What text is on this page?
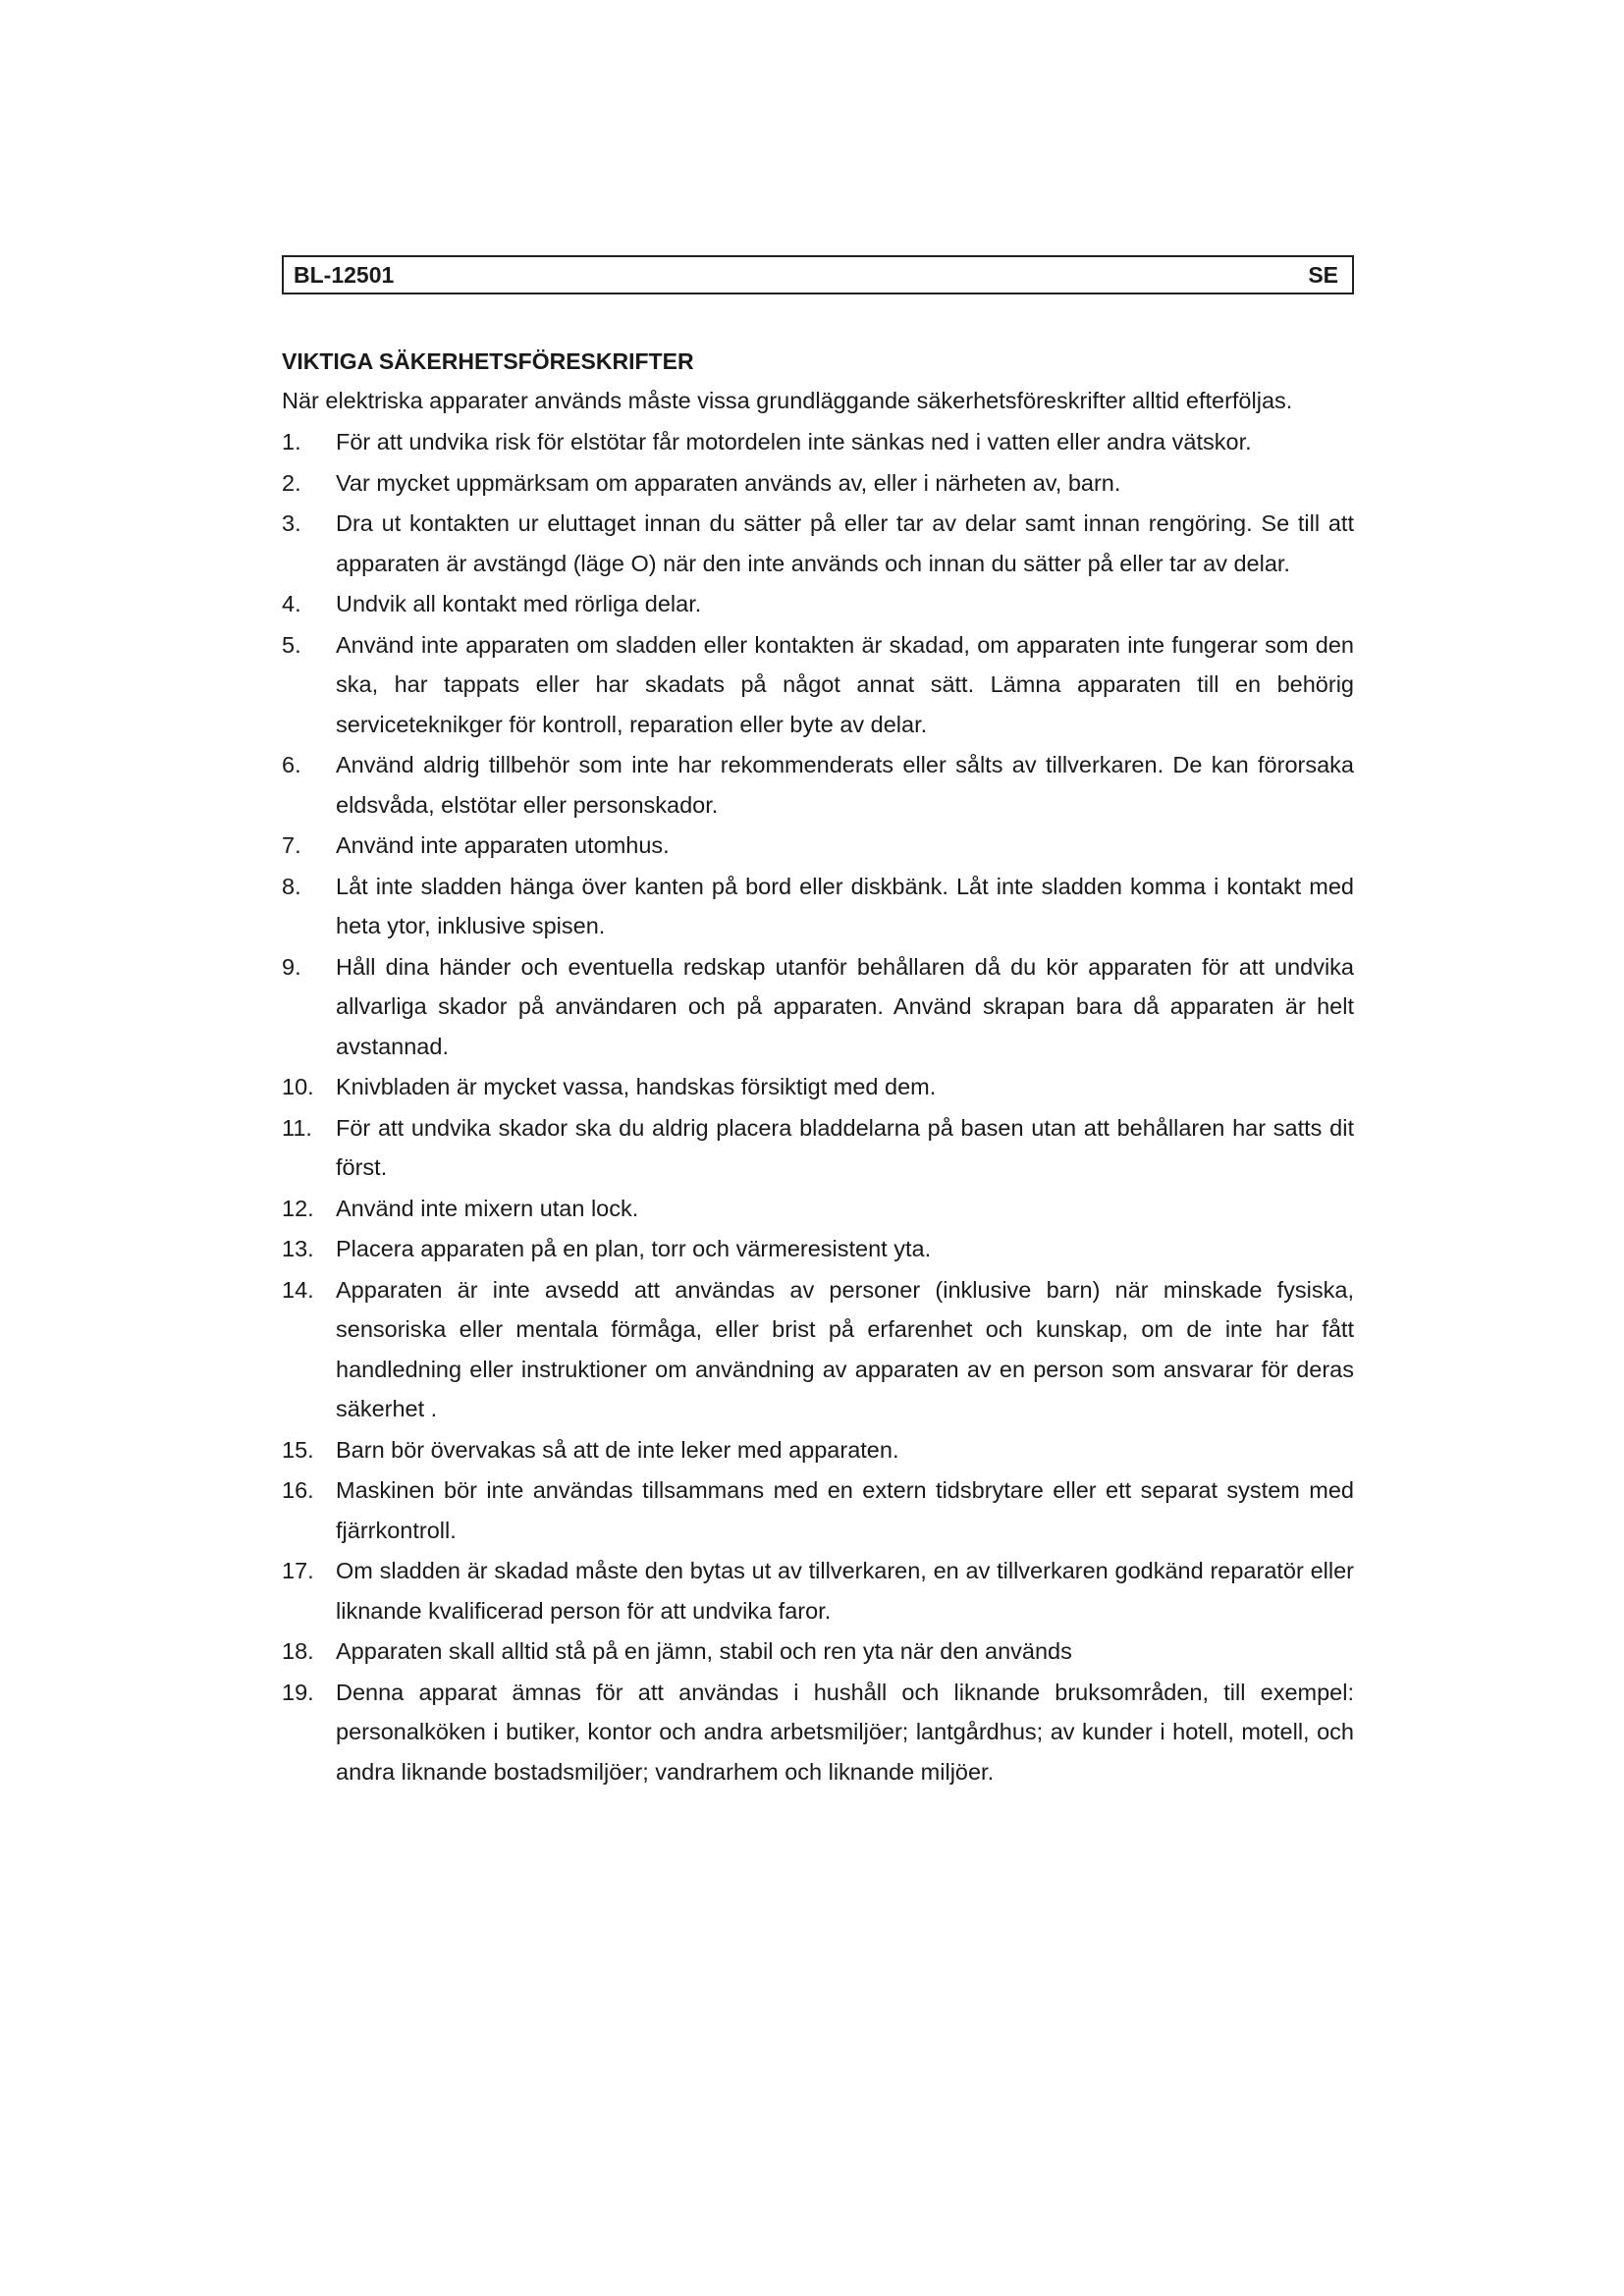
BL-12501	SE
VIKTIGA SÄKERHETSFÖRESKRIFTER
När elektriska apparater används måste vissa grundläggande säkerhetsföreskrifter alltid efterföljas.
1.	För att undvika risk för elstötar får motordelen inte sänkas ned i vatten eller andra vätskor.
2.	Var mycket uppmärksam om apparaten används av, eller i närheten av, barn.
3.	Dra ut kontakten ur eluttaget innan du sätter på eller tar av delar samt innan rengöring. Se till att apparaten är avstängd (läge O) när den inte används och innan du sätter på eller tar av delar.
4.	Undvik all kontakt med rörliga delar.
5.	Använd inte apparaten om sladden eller kontakten är skadad, om apparaten inte fungerar som den ska, har tappats eller har skadats på något annat sätt. Lämna apparaten till en behörig serviceteknikger för kontroll, reparation eller byte av delar.
6.	Använd aldrig tillbehör som inte har rekommenderats eller sålts av tillverkaren. De kan förorsaka eldsvåda, elstötar eller personskador.
7.	Använd inte apparaten utomhus.
8.	Låt inte sladden hänga över kanten på bord eller diskbänk. Låt inte sladden komma i kontakt med heta ytor, inklusive spisen.
9.	Håll dina händer och eventuella redskap utanför behållaren då du kör apparaten för att undvika allvarliga skador på användaren och på apparaten. Använd skrapan bara då apparaten är helt avstannad.
10. Knivbladen är mycket vassa, handskas försiktigt med dem.
11.	För att undvika skador ska du aldrig placera bladdelarna på basen utan att behållaren har satts dit först.
12. Använd inte mixern utan lock.
13. Placera apparaten på en plan, torr och värmeresistent yta.
14. Apparaten är inte avsedd att användas av personer (inklusive barn) när minskade fysiska, sensoriska eller mentala förmåga, eller brist på erfarenhet och kunskap, om de inte har fått handledning eller instruktioner om användning av apparaten av en person som ansvarar för deras säkerhet .
15. Barn bör övervakas så att de inte leker med apparaten.
16. Maskinen bör inte användas tillsammans med en extern tidsbrytare eller ett separat system med fjärrkontroll.
17. Om sladden är skadad måste den bytas ut av tillverkaren, en av tillverkaren godkänd reparatör eller liknande kvalificerad person för att undvika faror.
18. Apparaten skall alltid stå på en jämn, stabil och ren yta när den används
19. Denna apparat ämnas för att användas i hushåll och liknande bruksområden, till exempel: personalköken i butiker, kontor och andra arbetsmiljöer; lantgårdhus; av kunder i hotell, motell, och andra liknande bostadsmiljöer; vandrarhem och liknande miljöer.
